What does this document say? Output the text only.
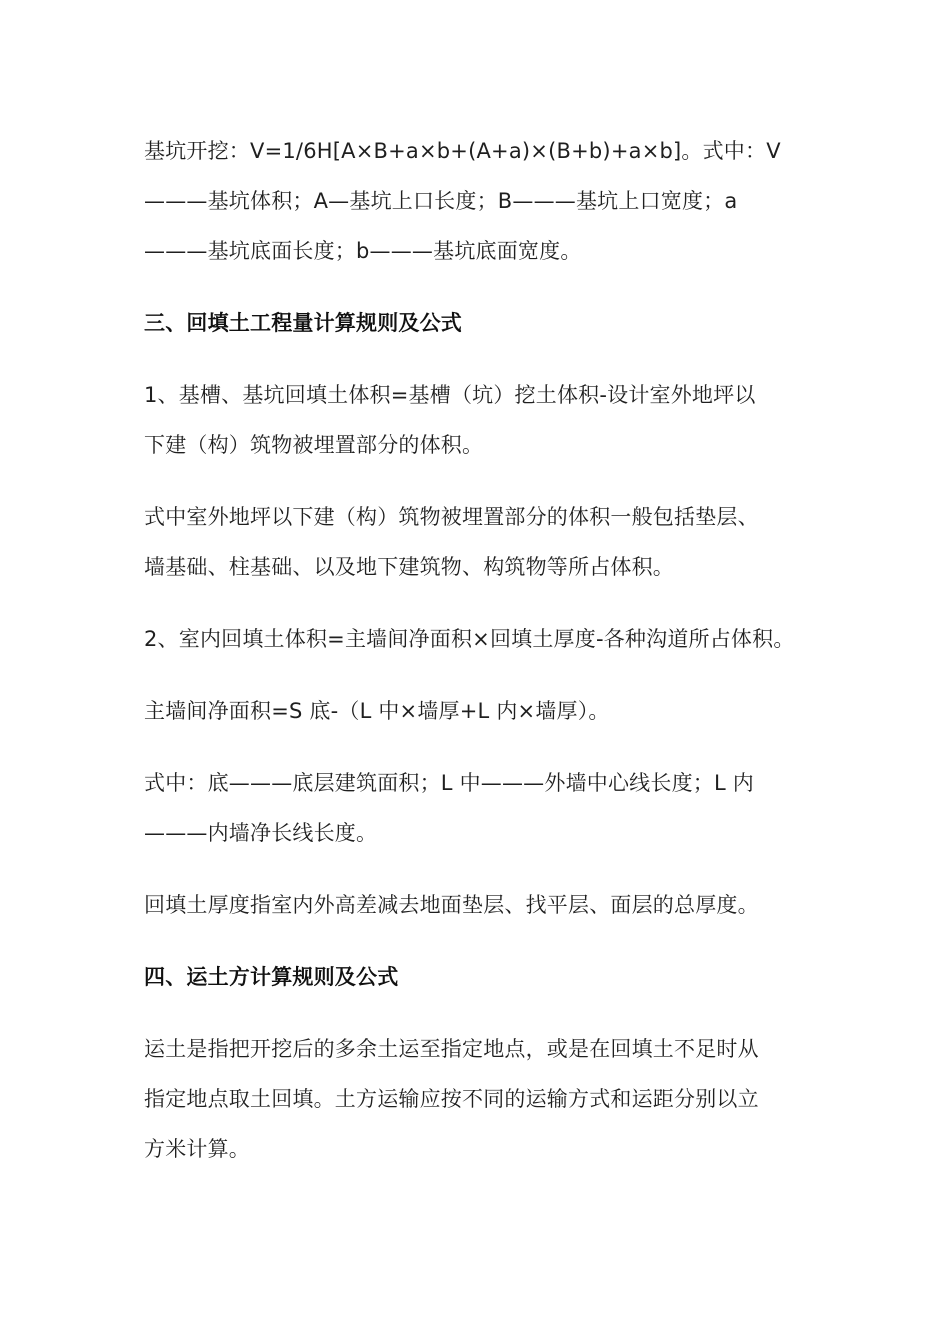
基坑开挖：V=1/6H[A×B+a×b+(A+a)×(B+b)+a×b]。式中：V
———基坑体积；A—基坑上口长度；B———基坑上口宽度；a
———基坑底面长度；b———基坑底面宽度。
三、回填土工程量计算规则及公式
1、基槽、基坑回填土体积=基槽（坑）挖土体积-设计室外地坪以
下建（构）筑物被埋置部分的体积。
式中室外地坪以下建（构）筑物被埋置部分的体积一般包括垫层、
墙基础、柱基础、以及地下建筑物、构筑物等所占体积。
2、室内回填土体积=主墙间净面积×回填土厚度-各种沟道所占体积。
主墙间净面积=S 底-（L 中×墙厚+L 内×墙厚）。
式中：底———底层建筑面积；L 中———外墙中心线长度；L 内
———内墙净长线长度。
回填土厚度指室内外高差减去地面垫层、找平层、面层的总厚度。
四、运土方计算规则及公式
运土是指把开挖后的多余土运至指定地点，或是在回填土不足时从
指定地点取土回填。土方运输应按不同的运输方式和运距分别以立
方米计算。
